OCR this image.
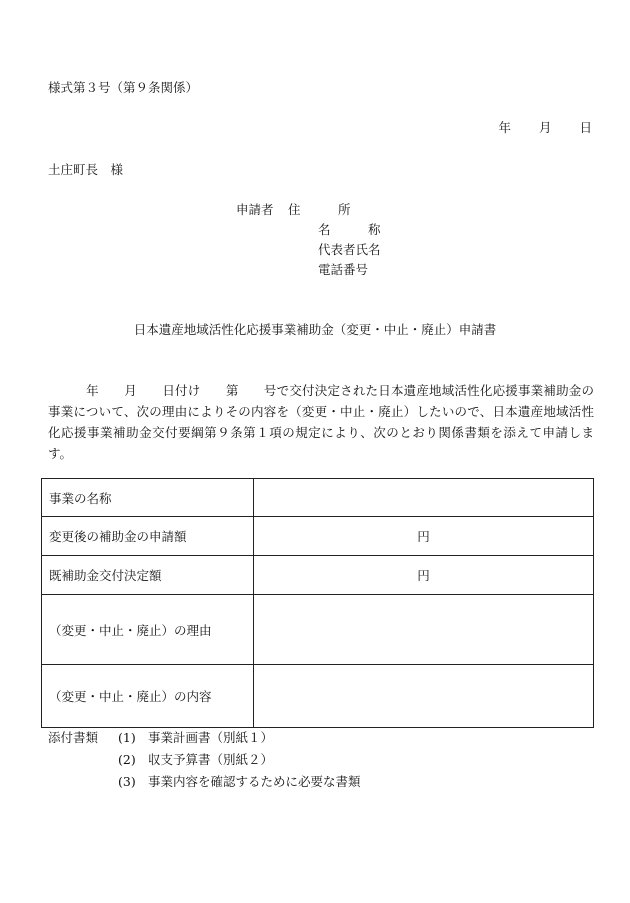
様式第３号（第９条関係）
年 月 日
土庄町長　様
申請者 住　　　所
名　　　称
代表者氏名
電話番号
日本遺産地域活性化応援事業補助金（変更・中止・廃止）申請書
　　　年　　月　　日付け　　第　　号で交付決定された日本遺産地域活性化応援事業補助金の事業について、次の理由によりその内容を（変更・中止・廃止）したいので、日本遺産地域活性化応援事業補助金交付要綱第９条第１項の規定により、次のとおり関係書類を添えて申請します。
事業の名称	
変更後の補助金の申請額	円
既補助金交付決定額	円
（変更・中止・廃止）の理由	
（変更・中止・廃止）の内容	
添付書類 (1) 事業計画書（別紙１）
(2) 収支予算書（別紙２）
(3) 事業内容を確認するために必要な書類
